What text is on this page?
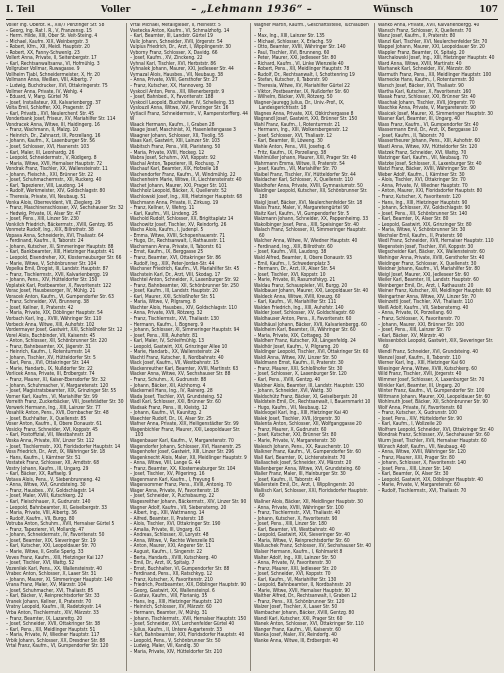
I. Teil	Voller	– „Lehmann 1936“ –	Wünsch	107

Voller Ing. Oberbt. R., XIII/7 Penzinger Str. 58

– Georg, Ing. Rat I. R., V, Franzensg. 15

– Herm. Hilde, XIII, Ober St. Veit-Steing. 4

– Michael, Kaufm. XIX, Weinbergstr. 3

– Robert, Kfm., XII, Meidl. Hauptstr. 20

– Robert, XX, Fanny-Schwenlg. 23

Vollert Anna, Private, II, Seitenbergstr. 17

– Karl, Rechtsanwaltsanw., VI, Hofmühlg. 3

Vollgruber Vollmar, Ruwagasse. 9

Vollheim Tjabl, Schneidermeister, X, Hr. 20

Vollmann Anna, Weißen, VIII, Albertg. 7

– Ludwig, Buchdrucker, XVI, Ottakringerstr. 75

Vollmer Anna, Private, IV, Wehlg. 4

– Eduard, V, Marg. Gürtel 76

– Josef, Installateur, XII, Kalvarienbergg. 37

Volta Emil, Schloffer, XXI, Pragerstr. 17

– Karl, Privatb., XVI, Neulerchenf. Str. 45

Vonderbank Josef, Friseur, XV, Mariahilfer Str. 114

Vondracek Anna, Witwe, III, Haidingerg. 16

– Franz, Wachmann, II, Malzg. 10

– Heinrich, Dr., Zahnarzt, IX, Porzellang. 16

– Johann, Kaufm., X, Laxenburger Str. 56

– Josef, Schlosser, XVI, Hasnerstr. 103

– Karl, Maler, III, Leonhardg. 26

– Leopold, Schneidermstr., V, Rüdigerg. 8

– Maria, Witwe, XVII, Hernalser Hauptstr. 72

Vondrak Franz, Tischler, XX, Wallensteinstr. 11

– Johann, Fleischh., XXI, Brünner Str. 22

– Josef, Schuhmachermstr., XII, Ruckerg. 40

– Karl, Tapezierer, VIII, Laudong. 14

– Rudolf, Werkmeister, XIV, Goldschlagstr. 80

– Theresia, Private, VII, Neubaug. 51

Vonka Alois, Oberrevident, VII, Zieglerg. 29

– Franz, Maschinenschlosser, XV, Sechshauser Str. 32

– Hedwig, Private, IX, Alser Str. 47

– Josef, Pens., XIII, Linzer Str. 230

Vonkilch Friedrich, Bäckermstr., XVIII, Gentzg. 95

Vonmetz Rudolf, Ing., XIX, Billrothstr. 38

Vopava Anna, Schneiderin, XVI, Thaliastr. 64

– Ferdinand, Kaufm., II, Taborstr. 24

– Johann, Kutscher, XI, Simmeringer Hauptstr. 88

– Karl, Bankbeamter, XIII, Hietzinger Hauptstr. 41

– Leopold, Eisendreher, XX, Klosterneuburger Str. 66

– Marie, Witwe, V, Schönbrunner Str. 104

Vopelka Emil, Drogist, III, Landstr. Hauptstr. 87

– Franz, Tischlermstr., XVII, Kalvarienbergg. 19

– Johann, Pens., XIV, Hütteldorfer Str. 150

Voplatek Karl, Postbeamter, X, Favoritenstr. 122

Vorac Josef, Hausbesorger, IV, Mühlg. 21

Voracek Anton, Kaufm., VI, Gumpendorfer Str. 63

– Franz, Schneider, XVI, Brunneng. 38

– Josef, Kellner, II, Praterstr. 42

– Maria, Private, XIX, Döblinger Hauptstr. 54

Vorbach Karl, Ing., XVIII, Währinger Str. 110

Vorbeck Anna, Witwe, XIII, Auhofstr. 102

Vordermayer Josef, Gastwirt, XXI, Schloßhofer Str. 12

Vorel Alois, Buchbinder, VII, Kaiserstr. 45

– Anton, Schlosser, XII, Schönbrunner Str. 220

– Franz, Bahnbeamter, XX, Jägerstr. 31

– Heinrich, Kaufm., I, Rotenturmstr. 14

– Johann, Tischler, XV, Hütteldorfer Str. 5

– Karl, Pens., XVI, Ottakringer Str. 144

– Marie, Handarb., IX, Nußdorfer Str. 22

Vorlicek Anna, Private, III, Erdbergstr. 74

– Franz, Maurer, XI, Kaiser-Ebersdorfer Str. 32

– Johann, Schuhmacher, V, Margaretenstr. 120

– Josef, Magistratsbeamter, XIX, Grinzinger Str. 55

Vorner Karl, Kaufm., VI, Mariahilfer Str. 99

Vorreith Franz, Zuckerbäcker, VIII, Josefstädter Str. 30

Vorwerk Hermann, Ing., XIII, Lainzer Str. 77

Vosahlik Anton, Pens., XVII, Dornbacher Str. 48

– Josef, Buchhalter, X, Quellenstr. 85

Voser Anton, Kaufm., II, Obere Donaustr. 61

Vosicky Franz, Schneider, XVI, Koppstr. 45

– Karl, Postoffizial, VII, Westbahnstr. 28

Voska Anna, Private, XIV, Linzer Str. 112

– Josef, Tischlermstr., XXI, Floridsdorfer Hauptstr. 14

Voss Friedrich, Dr., Arzt, IX, Währinger Str. 18

– Hans, Kaufm., I, Kärntner Str. 51

Vostatek Franz, Schlosser, XII, Arndtstr. 68

Vostry Johann, Kaufm., III, Ungarg. 29

– Karl, Bäcker, XX, Raffaelg. 9

Votava Alois, Pens., V, Siebenbrunneng. 42

– Anna, Witwe, XVI, Grundsteing. 30

– Franz, Hausbes., XV, Goldschlagstr. 14

– Josef, Maler, XVIII, Kutschkerg. 22

– Karl, Fleischhauer, X, Gudrunstr. 140

– Leopold, Bahnbeamter, XI, Geiselbergstr. 33

– Maria, Private, VIII, Albertg. 36

– Rudolf, Kaufm., VII, Burgg. 80

Votruba Anton, Schuhm., XVII, Hernalser Gürtel 5

– Franz, Tapezierer, VI, Mollardg. 47

– Johann, Schneidermstr., IV, Favoritenstr. 50

– Josef, Beamter, XIX, Sieveringer Str. 19

– Karl, Kutscher, XXI, Leopoldauer Str. 70

– Marie, Witwe, II, Große Sperlg. 33

Voves Franz, Kaufm., XIII, Hietzinger Kai 127

– Josef, Tischler, XVI, Wattg. 52

Vozenilek Karl, Pens., XX, Wallensteinstr. 40

Vrabec Anton, Schlosser, X, Laaer Str. 31

– Johann, Maurer, XI, Simmeringer Hauptstr. 140

Vrana Franz, Maler, XV, Märzstr. 104

– Josef, Schuhmacher, XVI, Thaliastr. 85

– Karl, Bäcker, V, Reinprechtsdorfer Str. 33

Vranek Johann, Kellner, II, Praterstr. 70

Vratny Leopold, Kaufm., III, Radetzkystr. 14

Vrba Anton, Tischlermstr., XIV, Märzstr. 33

– Franz, Beamter, IX, Lazarettg. 20

– Josef, Schneider, XVII, Ottakringer Str. 38

– Karl, Pens., XII, Meidlinger Hauptstr. 51

– Maria, Private, IV, Wiedner Hauptstr. 117

Vrbik Johann, Schlosser, XX, Dresdner Str. 88

Vrtal Franz, Kaufm., VI, Gumpendorfer Str. 120

Vrtal Michael, Metallgießer, II, Heinestr. 5

Vsetecka Anton, Kaufm., VI, Schmalzhofg. 14

– Karl, Beamter, III, Landstr. Gürtel 19

Vulic Johann, Schneider, XVII, Jörgerstr. 54

Vulpius Friedrich, Dr., Arzt, I, Wipplingerstr. 30

Vyborny Franz, Schlosser, X, Davidg. 66

– Josef, Kaufm., XV, Zinckeng. 22

Vyhnal Karl, Tischler, XVI, Herbststr. 86

Vyhnalek Johann, Maurer, XXI, Jedleseer Str. 44

Vymazal Alois, Hausbes., VII, Neubaug. 38

– Anna, Private, XVIII, Gersthofer Str. 27

– Franz, Kutscher, XX, Hannoverg. 30

Vyskocil Anton, Pens., XII, Wienerbergstr. 9

– Josef, Bahnbed., X, Favoritenstr. 188

Vyskocil Leopold, Buchhalter, IV, Schelleing. 33

Vyslouzil Anna, Witwe, XIV, Penzinger Str. 16

Vytlacil Franz, Schneidermstr., V, Ramperstorfferg. 44

W

Waack Hermann, Kaufm., I, Graben 28

Waage Josef, Maschinist, XI, Hasenleitengasse 3

Waagner Johann, Schlosser, XII, Tivolig. 55

Waas Karl, Gastwirt, XIII, Lainzer Str. 103

Wabitsch Franz, Pens., VIII, Piaristeng. 50

– Maria, Private, XVIII, Hockeg. 12

Wabra Josef, Schuhm., XVI, Koppstr. 92

Wachal Anton, Tapezierer, III, Rochusg. 7

Wachauf Karl, Beamter, XIX, Hofzeile 18

Wachendorfer Franz, Kaufm., VI, Windmühlg. 22

Wachenheim Marie, Witwe, IX, Liechtensteinstr. 40

Wachet Johann, Maurer, XXI, Prager Str. 101

Wachholz Leopold, Bäcker, X, Quellenstr. 52

Wachlowski Josef, Ing., XIII, Hietzinger Hauptstr. 68

Wachmann Anna, Private, II, Zirkusg. 19

– Franz, Kellner, V, Wehrg. 11

– Karl, Kaufm., VII, Lindeng. 25

Wachold Rudolf, Schlosser, XX, Brigittaplatz 14

Wachowitz Josef, Tischler, XV, Reindorfg. 26

Wachs Alois, Kaufm., I, Judenpl. 5

– Emma, Witwe, XVIII, Schopenhauerstr. 71

– Hugo, Dr., Rechtsanwalt, I, Rathausstr. 11

Wachsmann Anna, Private, II, Taborstr. 61

– Ernst, Kaufm., IX, Berggasse 25

– Franz, Beamter, XVI, Ottakringer Str. 86

– Rudolf, Ing., XIX, Peter-Jordan-Str. 44

Wachsner Friedrich, Kaufm., VI, Mariahilfer Str. 45

Wachstein Karl, Dr., Arzt, VIII, Skodag. 17

Wachtel Anton, Schneider, X, Laxenburger Str. 92

– Franz, Bahnbeamter, XII, Schönbrunner Str. 250

– Josef, Kaufm., III, Landstr. Hauptstr. 20

– Karl, Maurer, XXI, Schloßhofer Str. 51

– Maria, Witwe, V, Pilgramg. 8

Wachter Alois, Hausbes., XIV, Goldschlagstr. 110

– Anna, Private, XVII, Rötzerg. 32

– Franz, Tischlermstr., XVI, Thaliastr. 130

– Hermann, Kaufm., I, Bognerg. 9

– Johann, Schlosser, XI, Simmeringer Hauptstr. 94

– Josef, Pens., XIII, Auhofstr. 81

– Karl, Maler, IV, Schleifmühlg. 13

– Leopold, Gastwirt, XIX, Grinzinger Allee 10

– Marie, Handarb., XX, Wallensteinstr. 24

Wachtl Franz, Kutscher, II, Nordbahnstr. 40

Wack Josef, Kaufm., VII, Westbahnstr. 15

Wackenreuther Karl, Beamter, XVIII, Martinstr. 63

Wacker Anna, Witwe, XV, Sechshauser Str. 88

– Franz, Schuhm., X, Gudrunstr. 88

– Johann, Bäcker, XII, Aichhorng. 4

Wackernell Hans, Ing., IV, Rainerg. 28

Wada Josef, Tischler, XVI, Grundsteing. 52

Wadl Karl, Schlosser, XXI, Brünner Str. 60

Wadsak Franz, Pens., III, Kleistg. 12

– Johann, Kaufm., VI, Kaunitzg. 2

Waechter Rudolf, Dr., IX, Alser Str. 25

Wafner Anna, Private, XIX, Heiligenstädter Str. 99

Wagenbichler Franz, Maurer, XXI, Leopoldauer Str. 103

Wagenbauer Karl, Kaufm., V, Margaretenstr. 70

Wagendorfer Johann, Schlosser, XVI, Hasnerstr. 25

Wagenhofer Josef, Gastwirt, XIII, Linzer Str. 296

Wagenknecht Alois, Maler, XII, Meidlinger Hauptstr. 9

– Anna, Witwe, VIII, Lange G. 44

– Franz, Beamter, XX, Klosterneuburger Str. 104

– Josef, Tischler, XV, Pilgerimg. 16

Wagenmann Karl, Kaufm., I, Freyung 6

Wagensommer Franz, Pens., XVIII, Antonig. 70

Wager Anna, Private, IV, Favoritenstr. 18

– Josef, Schneider, X, Puchsbaumg. 22

Wagesreither Johann, Bäckermstr., XIV, Linzer Str. 90

Wagner Adolf, Kaufm., VII, Siebensterng. 20

– Albert, Ing., XIII, Wattmanng. 14

– Alfred, Beamter, II, Praterstr. 18

– Alois, Tischler, XVI, Ottakringer Str. 190

– Amalia, Private, III, Ungarg. 61

– Andreas, Schlosser, XI, Lorystr. 48

– Anna, Witwe, V, Rechte Wienzeile 81

– Anton, Maurer, XXI, Angerer Str. 11

– August, Kaufm., I, Singerstr. 22

– Berta, Handarb., XVIII, Kutschkerg. 40

– Emil, Dr., Arzt, IX, Spitalg. 7

– Ernst, Buchhalter, VI, Gumpendorfer Str. 88

– Ferdinand, Pens., XII, Ratschkyg. 12

– Franz, Kutscher, X, Favoritenstr. 210

– Friedrich, Postbeamter, XIX, Döblinger Hauptstr. 90

– Georg, Gastwirt, XX, Wallensteinpl. 6

– Gustav, Kaufm., VIII, Florianig. 35

– Hans, Ing., XIII, Hietzinger Hauptstr. 120

– Heinrich, Schlosser, XV, Märzstr. 60

– Hermann, Beamter, IV, Mühlg. 31

– Johann, Tischlermstr., XVII, Hernalser Hauptstr. 150

– Josef, Schneider, XVI, Lerchenfelder Gürtel 40

– Julius, Kaufm., II, Untere Augartenstr. 33

– Karl, Bahnbeamter, XXI, Floridsdorfer Hauptstr. 40

– Leopold, Pens., V, Schönbrunner Str. 50

– Ludwig, Maler, VII, Kandlg. 30

– Maria, Private, XIV, Hütteldorfer Str. 210

Wagner Martin, Kaufm., Geschäftsstelle, Tuchlauben 7

– Max, Ing., XIII, Lainzer Str. 135

– Michael, Schlosser, X, Erlachg. 59

– Otto, Beamter, XVIII, Währinger Str. 140

– Paul, Tischler, XVI, Brunneng. 60

– Peter, Maurer, XXI, Jedleseer Str. 80

– Richard, Kaufm., VI, Linke Wienzeile 40

– Robert, Pens., XII, Meidlinger Hauptstr. 78

– Rudolf, Dr., Rechtsanwalt, I, Schottenring 19

– Stefan, Kutscher, II, Taborstr. 90

– Theresia, Witwe, XV, Mariahilfer Gürtel 22

– Viktor, Postbeamter, IX, Nußdorfer Str. 60

– Wilhelm, Bäcker, XVII, Rötzerg. 50

Wagner-Jauregg Julius, Dr., Univ.-Prof., IX, Landesgerichtsstr. 18

Wagnes Anna, Private, XIX, Obkirchergasse 8

Wagrandl Josef, Gastwirt, XXI, Brünner Str. 150

Wahl Franz, Kaufm., I, Rotenturmstr. 21

– Hermann, Ing., XIII, Wolkersbergenstr. 12

– Josef, Schlosser, XVI, Thaliastr. 12

– Karl, Beamter, III, Löweng. 30

Wahle Anton, Pens., VIII, Josefsg. 6

– Fritz, Kaufm., IX, Porzellang. 38

Wahlmüller Johann, Maurer, XXI, Prager Str. 40

Wahrmann Emma, Witwe, II, Praterstr. 54

– Josef, Kaufm., VII, Mariahilfer Str. 70

Waibel Franz, Tischler, XV, Hütteldorfer Str. 44

Waidacher Karl, Schlosser, X, Quellenstr. 110

Waidhofer Anna, Private, XVIII, Gymnasiumstr. 50

Waidinger Leopold, Kutscher, XII, Schönbrunner Str. 180

Waigl Josef, Bäcker, XVI, Neulerchenfelder Str. 18

Waiss Franz, Maler, V, Margaretengürtel 90

Waitz Karl, Kaufm., VI, Gumpendorfer Str. 5

Waizmann Johann, Schneider, XX, Pappenheimg. 33

Wakolbinger Josef, Pens., XIII, Speisinger Str. 40

Walach Franz, Schlosser, XI, Simmeringer Hauptstr. 60

Walcher Anna, Witwe, IV, Wiedner Hauptstr. 40

– Ferdinand, Ing., XIX, Billrothstr. 60

– Josef, Kaufm., VIII, Laudong. 38

Wald Alfred, Beamter, II, Obere Donaustr. 93

– Emil, Kaufm., I, Schwedenplatz 3

– Hermann, Dr., Arzt, IX, Alser Str. 54

– Josef, Tischler, XVI, Koppstr. 10

– Marie, Private, III, Rasumofskyg. 21

Waldau Franz, Schauspieler, VII, Burgg. 20

Waldbauer Johann, Maurer, XXI, Leopoldauer Str. 40

Waldeck Anna, Witwe, XVIII, Kreuzg. 60

– Karl, Kaufm., VI, Mariahilfer Str. 111

Walden Friedrich, Ing., XIII, Auhofstr. 140

Walder Josef, Schlosser, XV, Goldschlagstr. 60

Waldhauser Anton, Pens., X, Favoritenstr. 60

Waldhäusl Johann, Bäcker, XVII, Kalvarienbergg. 60

Waldheim Karl, Beamter, IX, Währinger Str. 60

– Maria, Private, XIX, Cottageg. 30

Waldherr Franz, Kutscher, XII, Längenfeldg. 24

Waldhör Josef, Kaufm., V, Pilgramg. 20

Waldinger Leopold, Tischler, XVI, Ottakringer Str. 60

Waldl Anna, Witwe, XIV, Linzer Str. 50

Waldmann Ernst, Kaufm., II, Praterstr. 30

– Franz, Maurer, XXI, Schloßhofer Str. 30

– Josef, Schlosser, X, Laxenburger Str. 120

– Karl, Pens., XVIII, Gentzg. 40

Waldner Alois, Beamter, III, Landstr. Hauptstr. 130

– Johann, Schneider, XVI, Wattg. 30

Waldschütz Franz, Bäcker, XI, Geiselbergstr. 20

Waldstein Emil, Dr., Rechtsanwalt, I, Bauernmarkt 10

– Hugo, Kaufm., VII, Neubaug. 12

Waldvogel Karl, Ing., XIII, Hietzinger Kai 40

Walek Josef, Tischler, XVII, Jörgerstr. 30

Walenta Anton, Schlosser, XII, Wolfganggasse 20

– Franz, Maurer, X, Gudrunstr. 60

– Josef, Kutscher, XXI, Brünner Str. 80

– Marie, Private, V, Margaretenstr. 30

Walesch Johann, Pens., XX, Rauscherstr. 10

Walkner Franz, Kaufm., VI, Gumpendorfer Str. 60

Wall Karl, Beamter, IX, Lichtensteinstr. 70

Wallaschek Josef, Schneider, XV, Märzstr. 20

Wallenberger Anna, Witwe, XVI, Grundsteing. 60

Waller Franz, Maler, III, Hainburger Str. 30

– Josef, Kaufm., II, Taborstr. 40

Wallerstein Emil, Dr., Arzt, I, Wipplingerstr. 20

Wallisch Karl, Schlosser, XXI, Floridsdorfer Hauptstr. 60

Wallner Alois, Bäcker, XII, Meidlinger Hauptstr. 30

– Anna, Private, XVIII, Währinger Str. 100

– Franz, Tischlermstr., XVI, Thaliastr. 40

– Johann, Kutscher, X, Favoritenstr. 90

– Josef, Pens., XIII, Linzer Str. 180

– Karl, Beamter, VII, Westbahnstr. 40

– Leopold, Gastwirt, XIX, Sieveringer Str. 40

– Maria, Witwe, V, Reinprechtsdorfer Str. 60

Walluschek Franz, Schlosser, XV, Sechshauser Str. 40

Walser Hermann, Kaufm., I, Kohlmarkt 8

Walter Adolf, Ing., XIII, Lainzer Str. 50

– Anna, Private, IV, Favoritenstr. 30

– Franz, Maurer, XXI, Jedleseer Str. 20

– Josef, Schneider, XVI, Koppstr. 70

– Karl, Kaufm., VI, Mariahilfer Str. 130

– Leopold, Bahnbeamter, II, Nordbahnstr. 20

– Marie, Witwe, XVII, Hernalser Hauptstr. 90

Walther Alfred, Dr., Rechtsanwalt, I, Graben 12

– Franz, Pens., XII, Schönbrunner Str. 120

Walzer Josef, Tischler, X, Laaer Str. 50

Wambacher Johann, Bäcker, XVIII, Gentzg. 80

Wandl Karl, Kutscher, XXI, Prager Str. 60

Wanek Anton, Schlosser, XVI, Ottakringer Str. 110

Wanger Franz, Kaufm., VII, Kaiserstr. 60

Wanka Josef, Maler, XV, Reindorfg. 40

Wanke Anna, Witwe, III, Erdbergstr. 40

Wanko Anna, Private, XVII, Kalvarienbergg. 40

Wansch Franz, Schlosser, X, Quellenstr. 70

Wanz Josef, Kaufm., II, Praterstr. 80

Wanzl Karl, Tischler, XVI, Neulerchenfelder Str. 70

Wappel Johann, Maurer, XXI, Leopoldauer Str. 20

Wappler Franz, Beamter, IX, Spitalg. 20

Warchalowski Josef, Ing., XIII, Hietzinger Hauptstr. 40

Ward Anna, Witwe, XVIII, Martinstr. 40

Warhanek Karl, Schneider, XV, Märzstr. 80

Warmuth Franz, Pens., XII, Meidlinger Hauptstr. 100

Warnecke Hans, Kaufm., I, Rotenturmstr. 30

Warsch Josef, Bäcker, XVI, Thaliastr. 90

Wartha Karl, Kutscher, X, Favoritenstr. 160

Wasak Franz, Schlosser, XXI, Brünner Str. 40

Waschak Johann, Tischler, XVII, Jörgerstr. 70

Waschke Anna, Private, V, Margaretenstr. 90

Wasicek Josef, Maurer, XI, Simmeringer Hauptstr. 30

Wasner Karl, Beamter, III, Ungarg. 40

Wass Franz, Kaufm., VI, Gumpendorfer Str. 40

Wassermann Emil, Dr., Arzt, IX, Berggasse 10

– Josef, Kaufm., II, Taborstr. 70

Wassertheurer Johann, Pens., XIII, Auhofstr. 60

Wastl Anna, Witwe, XIV, Hütteldorfer Str. 120

Watzek Franz, Schneider, XVI, Wattg. 70

Watzinger Karl, Kaufm., VII, Neubaug. 70

Watzke Josef, Schlosser, X, Laxenburger Str. 40

Watzl Franz, Bäcker, XVIII, Währinger Str. 80

Weber Adolf, Kaufm., I, Kärntner Str. 30

– Alois, Tischler, XVI, Ottakringer Str. 70

– Anna, Private, IV, Wiedner Hauptstr. 70

– Anton, Maurer, XXI, Floridsdorfer Hauptstr. 80

– Franz, Kutscher, X, Favoritenstr. 120

– Hans, Ing., XIII, Hietzinger Hauptstr. 90

– Johann, Schlosser, XV, Goldschlagstr. 90

– Josef, Pens., XII, Schönbrunner Str. 140

– Karl, Beamter, IX, Alser Str. 80

– Leopold, Gastwirt, XIX, Grinzinger Str. 80

– Maria, Witwe, V, Schönbrunner Str. 30

Wechsler Emil, Kaufm., II, Praterstr. 90

Wedl Franz, Schneider, XVII, Hernalser Hauptstr. 110

Wegenstein Josef, Tischler, XVI, Koppstr. 30

Wegscheider Karl, Bäcker, XX, Wallensteinstr. 60

Wehinger Anna, Private, XVIII, Gersthofer Str. 40

Weidinger Franz, Schlosser, X, Quellenstr. 30

Weidner Johann, Kaufm., VI, Mariahilfer Str. 80

Weigl Josef, Maurer, XXI, Jedleseer Str. 60

Weiler Karl, Beamter, III, Landstr. Hauptstr. 60

Weinberger Emil, Dr., Arzt, I, Rathausstr. 20

Weiner Franz, Kutscher, XII, Meidlinger Hauptstr. 60

Weingartner Anna, Witwe, XIV, Linzer Str. 70

Weinzettl Josef, Tischler, XVI, Thaliastr. 110

Weiß Adolf, Kaufm., VII, Siebensterng. 40

– Anna, Private, IX, Porzellang. 60

– Franz, Schlosser, X, Favoritenstr. 70

– Johann, Maurer, XXI, Brünner Str. 100

– Josef, Pens., XIII, Lainzer Str. 70

– Karl, Bäcker, XV, Märzstr. 40

Weissenböck Leopold, Gastwirt, XIX, Sieveringer Str. 60

Wendl Franz, Schneider, XVI, Grundsteing. 40

Wenzel Josef, Kaufm., II, Taborstr. 110

Werner Karl, Ing., XIII, Hietzinger Kai 60

Wiesinger Anna, Witwe, XVIII, Kutschkerg. 60

Wild Franz, Tischler, XVII, Jörgerstr. 40

Wimmer Josef, Schlosser, X, Laxenburger Str. 70

Winkler Karl, Beamter, III, Ungarg. 20

Winter Franz, Kaufm., VI, Gumpendorfer Str. 100

Wittmann Johann, Maurer, XXI, Leopoldauer Str. 60

Wohlmuth Josef, Bäcker, XII, Schönbrunner Str. 90

Wolf Anna, Private, IV, Favoritenstr. 60

– Franz, Kutscher, X, Gudrunstr. 100

– Josef, Pens., XIV, Hütteldorfer Str. 90

– Karl, Kaufm., I, Wollzeile 20

Wolfram Leopold, Schneider, XVI, Ottakringer Str. 40

Wondrak Franz, Schlosser, XV, Sechshauser Str. 60

Wurm Josef, Tischler, XVII, Hernalser Hauptstr. 60

Wünsch Adolf, Kaufm., VII, Neubaug. 40

– Anna, Witwe, XVIII, Währinger Str. 120

– Franz, Maurer, XXI, Prager Str. 80

– Johann, Schlosser, X, Favoritenstr. 140

– Josef, Pens., XIII, Linzer Str. 140

– Karl, Beamter, IX, Alser Str. 30

– Leopold, Gastwirt, XIX, Döblinger Hauptstr. 40

– Marie, Private, V, Margaretenstr. 60

– Rudolf, Tischlermstr., XVI, Thaliastr. 70
